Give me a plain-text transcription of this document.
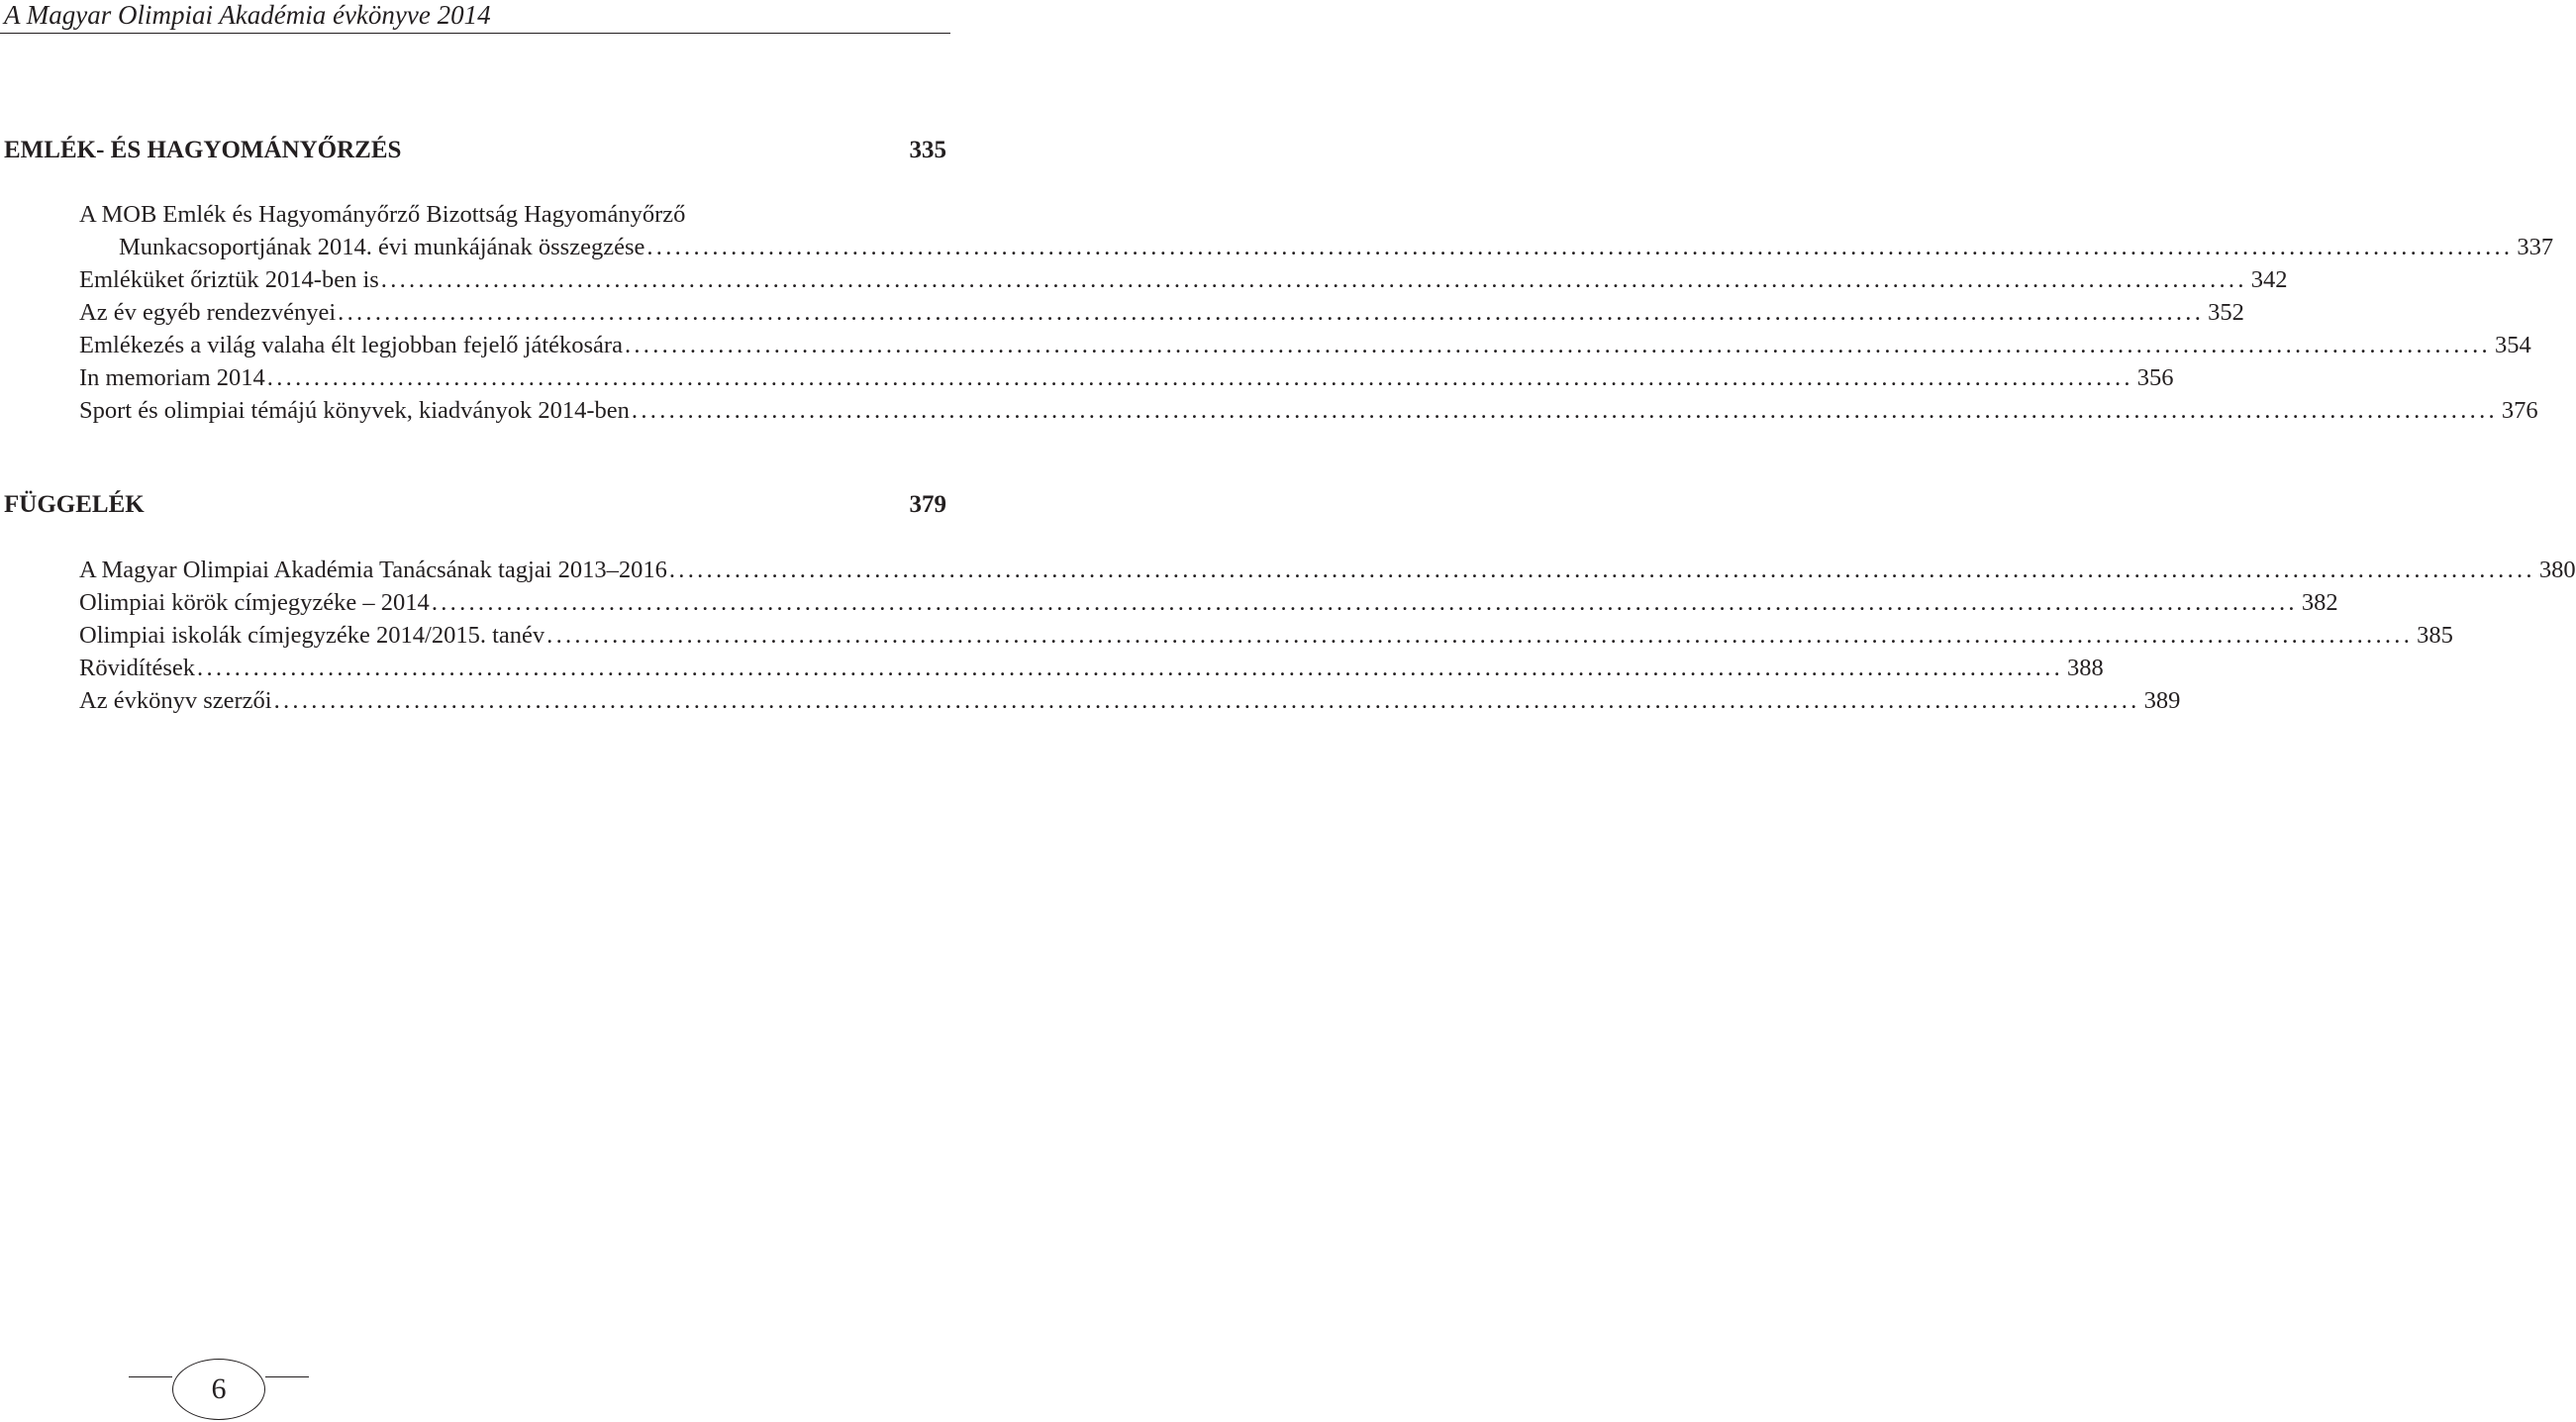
A Magyar Olimpiai Akadémia évkönyve 2014
EMLÉK- ÉS HAGYOMÁNYŐRZÉS	335
A MOB Emlék és Hagyományőrző Bizottság Hagyományőrző
Munkacsoportjának 2014. évi munkájának összegzése ........................................................................................................................................................................................................ 337
Emléküket őriztük 2014-ben is ........................................................................................................................................................................................................ 342
Az év egyéb rendezvényei ........................................................................................................................................................................................................ 352
Emlékezés a világ valaha élt legjobban fejelő játékosára ........................................................................................................................................................................................................ 354
In memoriam 2014 ........................................................................................................................................................................................................ 356
Sport és olimpiai témájú könyvek, kiadványok 2014-ben ........................................................................................................................................................................................................ 376
FÜGGELÉK	379
A Magyar Olimpiai Akadémia Tanácsának tagjai 2013–2016 ........................................................................................................................................................................................................ 380
Olimpiai körök címjegyzéke – 2014 ........................................................................................................................................................................................................ 382
Olimpiai iskolák címjegyzéke 2014/2015. tanév ........................................................................................................................................................................................................ 385
Rövidítések ........................................................................................................................................................................................................ 388
Az évkönyv szerzői ........................................................................................................................................................................................................ 389
6
